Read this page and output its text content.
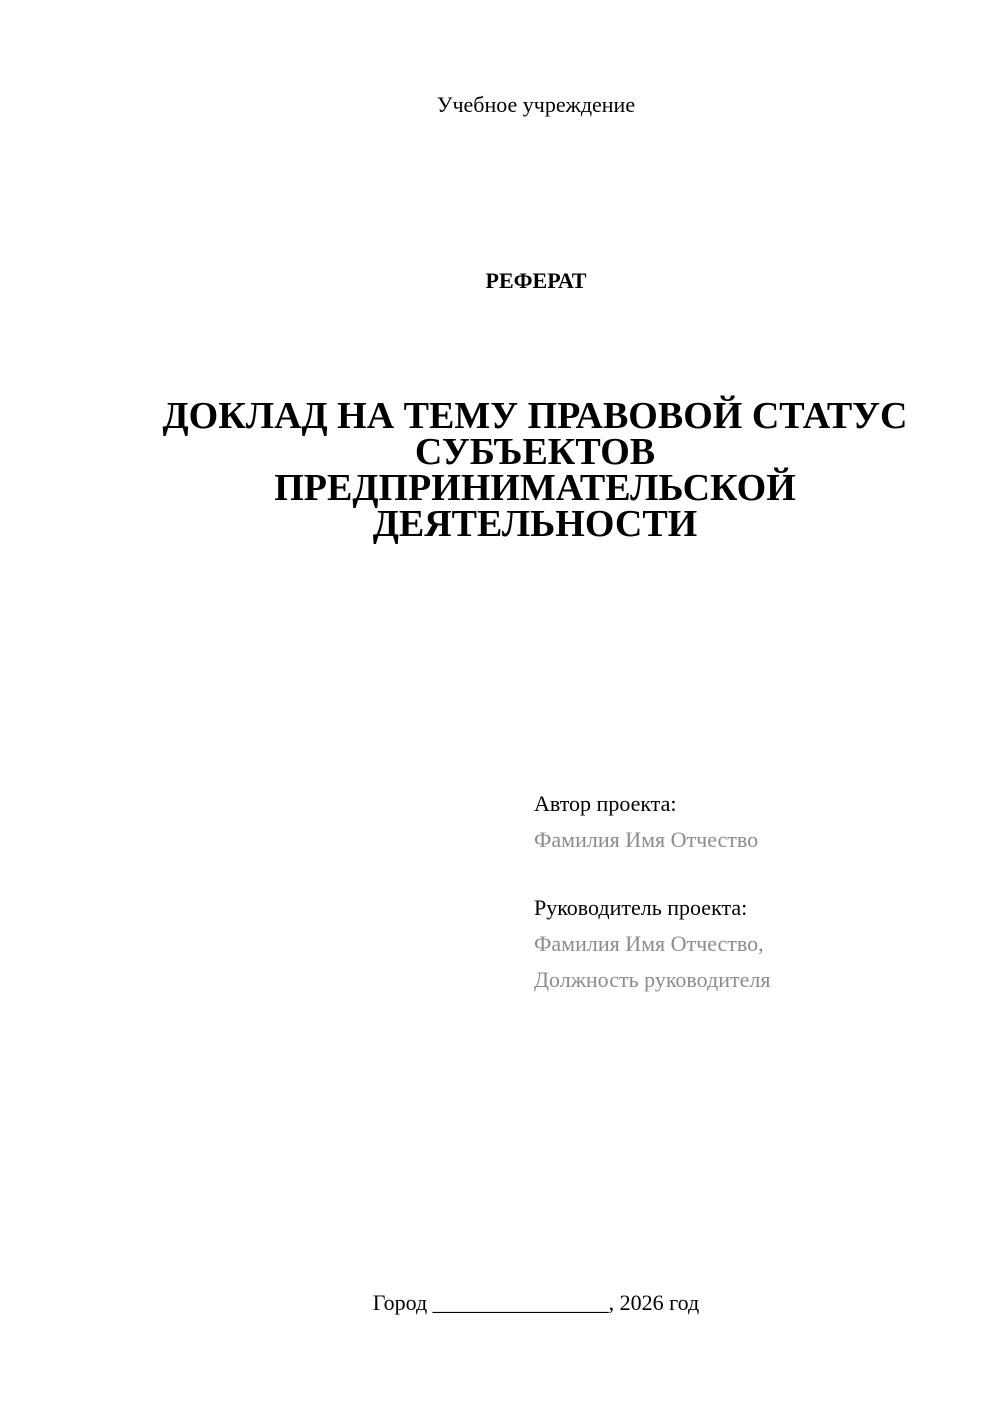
Учебное учреждение
РЕФЕРАТ
ДОКЛАД НА ТЕМУ ПРАВОВОЙ СТАТУС
СУБЪЕКТОВ
ПРЕДПРИНИМАТЕЛЬСКОЙ
ДЕЯТЕЛЬНОСТИ
Автор проекта:
Фамилия Имя Отчество
Руководитель проекта:
Фамилия Имя Отчество,
Должность руководителя
Город ________________, 2026 год
